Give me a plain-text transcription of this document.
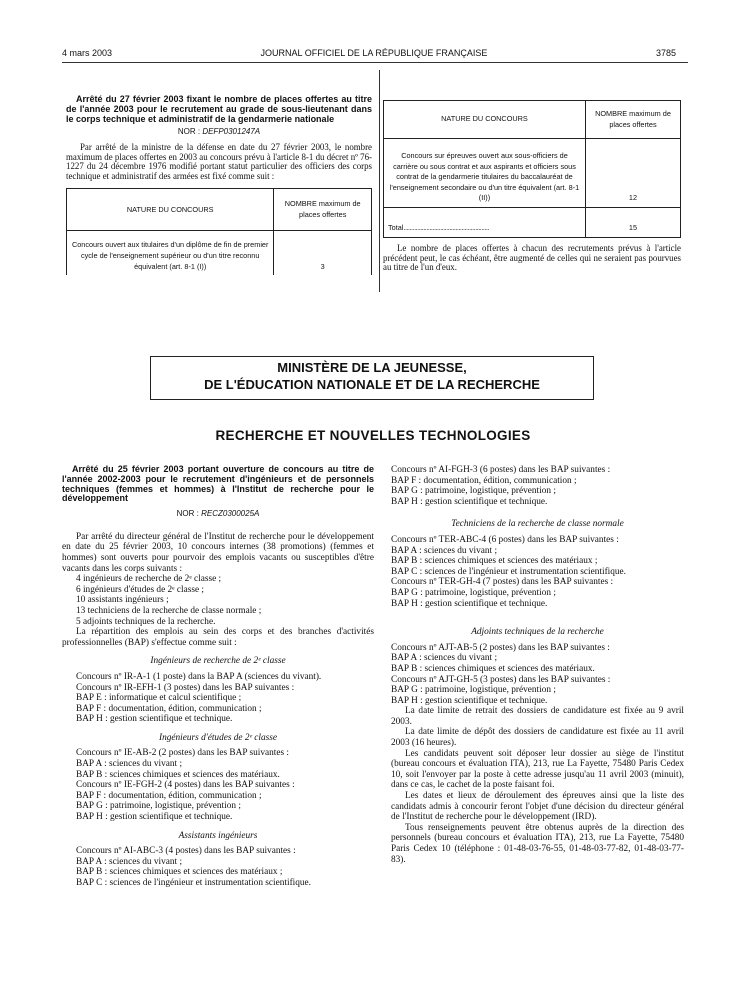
4 mars 2003	JOURNAL OFFICIEL DE LA RÉPUBLIQUE FRANÇAISE	3785
Arrêté du 27 février 2003 fixant le nombre de places offertes au titre de l'année 2003 pour le recrutement au grade de sous-lieutenant dans le corps technique et administratif de la gendarmerie nationale
NOR : DEFP0301247A

Par arrêté de la ministre de la défense en date du 27 février 2003, le nombre maximum de places offertes en 2003 au concours prévu à l'article 8-1 du décret nº 76-1227 du 24 décembre 1976 modifié portant statut particulier des officiers des corps technique et administratif des armées est fixé comme suit :

NATURE DU CONCOURS	NOMBRE maximum de places offertes
Concours ouvert aux titulaires d'un diplôme de fin de premier cycle de l'enseignement supérieur ou d'un titre reconnu équivalent (art. 8-1 (I))	3
NATURE DU CONCOURS	NOMBRE maximum de places offertes
Concours sur épreuves ouvert aux sous-officiers de carrière ou sous contrat et aux aspirants et officiers sous contrat de la gendarmerie titulaires du baccalauréat de l'enseignement secondaire ou d'un titre équivalent (art. 8-1 (II))	12
Total........................................................	15

Le nombre de places offertes à chacun des recrutements prévus à l'article précédent peut, le cas échéant, être augmenté de celles qui ne seraient pas pourvues au titre de l'un d'eux.

MINISTÈRE DE LA JEUNESSE,
DE L'ÉDUCATION NATIONALE ET DE LA RECHERCHE
RECHERCHE ET NOUVELLES TECHNOLOGIES
Arrêté du 25 février 2003 portant ouverture de concours au titre de l'année 2002-2003 pour le recrutement d'ingénieurs et de personnels techniques (femmes et hommes) à l'Institut de recherche pour le développement
NOR : RECZ0300025A

Par arrêté du directeur général de l'Institut de recherche pour le développement en date du 25 février 2003, 10 concours internes (38 promotions) (femmes et hommes) sont ouverts pour pourvoir des emplois vacants ou susceptibles d'être vacants dans les corps suivants :

4 ingénieurs de recherche de 2ᵉ classe ;

6 ingénieurs d'études de 2ᵉ classe ;

10 assistants ingénieurs ;

13 techniciens de la recherche de classe normale ;

5 adjoints techniques de la recherche.

La répartition des emplois au sein des corps et des branches d'activités professionnelles (BAP) s'effectue comme suit :

Ingénieurs de recherche de 2ᵉ classe

Concours nº IR-A-1 (1 poste) dans la BAP A (sciences du vivant).

Concours nº IR-EFH-1 (3 postes) dans les BAP suivantes :

BAP E : informatique et calcul scientifique ;

BAP F : documentation, édition, communication ;

BAP H : gestion scientifique et technique.

Ingénieurs d'études de 2ᵉ classe

Concours nº IE-AB-2 (2 postes) dans les BAP suivantes :

BAP A : sciences du vivant ;

BAP B : sciences chimiques et sciences des matériaux.

Concours nº IE-FGH-2 (4 postes) dans les BAP suivantes :

BAP F : documentation, édition, communication ;

BAP G : patrimoine, logistique, prévention ;

BAP H : gestion scientifique et technique.

Assistants ingénieurs

Concours nº AI-ABC-3 (4 postes) dans les BAP suivantes :

BAP A : sciences du vivant ;

BAP B : sciences chimiques et sciences des matériaux ;

BAP C : sciences de l'ingénieur et instrumentation scientifique.

Concours nº AI-FGH-3 (6 postes) dans les BAP suivantes :

BAP F : documentation, édition, communication ;

BAP G : patrimoine, logistique, prévention ;

BAP H : gestion scientifique et technique.

Techniciens de la recherche de classe normale

Concours nº TER-ABC-4 (6 postes) dans les BAP suivantes :

BAP A : sciences du vivant ;

BAP B : sciences chimiques et sciences des matériaux ;

BAP C : sciences de l'ingénieur et instrumentation scientifique.

Concours nº TER-GH-4 (7 postes) dans les BAP suivantes :

BAP G : patrimoine, logistique, prévention ;

BAP H : gestion scientifique et technique.

Adjoints techniques de la recherche

Concours nº AJT-AB-5 (2 postes) dans les BAP suivantes :

BAP A : sciences du vivant ;

BAP B : sciences chimiques et sciences des matériaux.

Concours nº AJT-GH-5 (3 postes) dans les BAP suivantes :

BAP G : patrimoine, logistique, prévention ;

BAP H : gestion scientifique et technique.

La date limite de retrait des dossiers de candidature est fixée au 9 avril 2003.

La date limite de dépôt des dossiers de candidature est fixée au 11 avril 2003 (16 heures).

Les candidats peuvent soit déposer leur dossier au siège de l'institut (bureau concours et évaluation ITA), 213, rue La Fayette, 75480 Paris Cedex 10, soit l'envoyer par la poste à cette adresse jusqu'au 11 avril 2003 (minuit), dans ce cas, le cachet de la poste faisant foi.

Les dates et lieux de déroulement des épreuves ainsi que la liste des candidats admis à concourir feront l'objet d'une décision du directeur général de l'Institut de recherche pour le développement (IRD).

Tous renseignements peuvent être obtenus auprès de la direction des personnels (bureau concours et évaluation ITA), 213, rue La Fayette, 75480 Paris Cedex 10 (téléphone : 01-48-03-76-55, 01-48-03-77-82, 01-48-03-77-83).
